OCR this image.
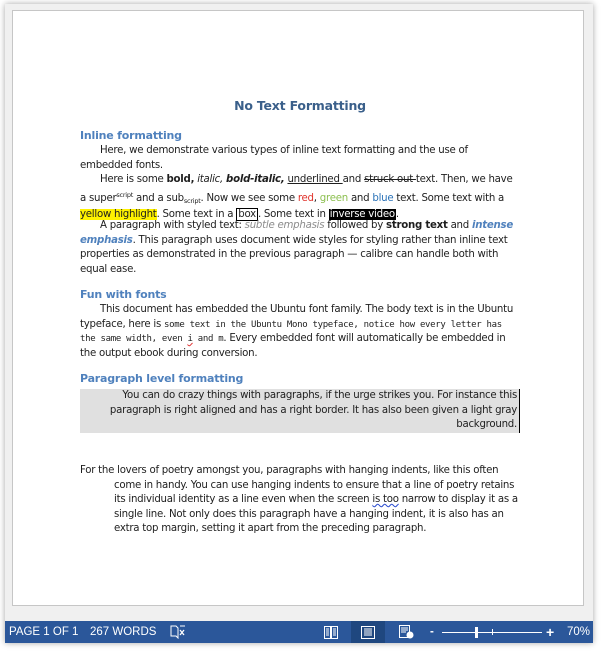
No Text Formatting
Inline formatting

Here, we demonstrate various types of inline text formatting and the use of embedded fonts.

Here is some bold, italic, bold-italic, underlined and struck out text. Then, we have a super$^{script}$ and a sub$_{script}$. Now we see some red, green and blue text. Some text with a yellow highlight. Some text in a box . Some text in inverse video.

A paragraph with styled text: subtle emphasis followed by strong text and intense emphasis. This paragraph uses document wide styles for styling rather than inline text properties as demonstrated in the previous paragraph — calibre can handle both with equal ease.

Fun with fonts

This document has embedded the Ubuntu font family. The body text is in the Ubuntu typeface, here is some text in the Ubuntu Mono typeface, notice how every letter has the same width, even i and m. Every embedded font will automatically be embedded in the output ebook during conversion.

Paragraph level formatting

You can do crazy things with paragraphs, if the urge strikes you. For instance this paragraph is right aligned and has a right border. It has also been given a light gray background.

For the lovers of poetry amongst you, paragraphs with hanging indents, like this often come in handy. You can use hanging indents to ensure that a line of poetry retains its individual identity as a line even when the screen is too narrow to display it as a single line. Not only does this paragraph have a hanging indent, it is also has an extra top margin, setting it apart from the preceding paragraph.

PAGE 1 OF 1 267 WORDS	-	+ 70%
